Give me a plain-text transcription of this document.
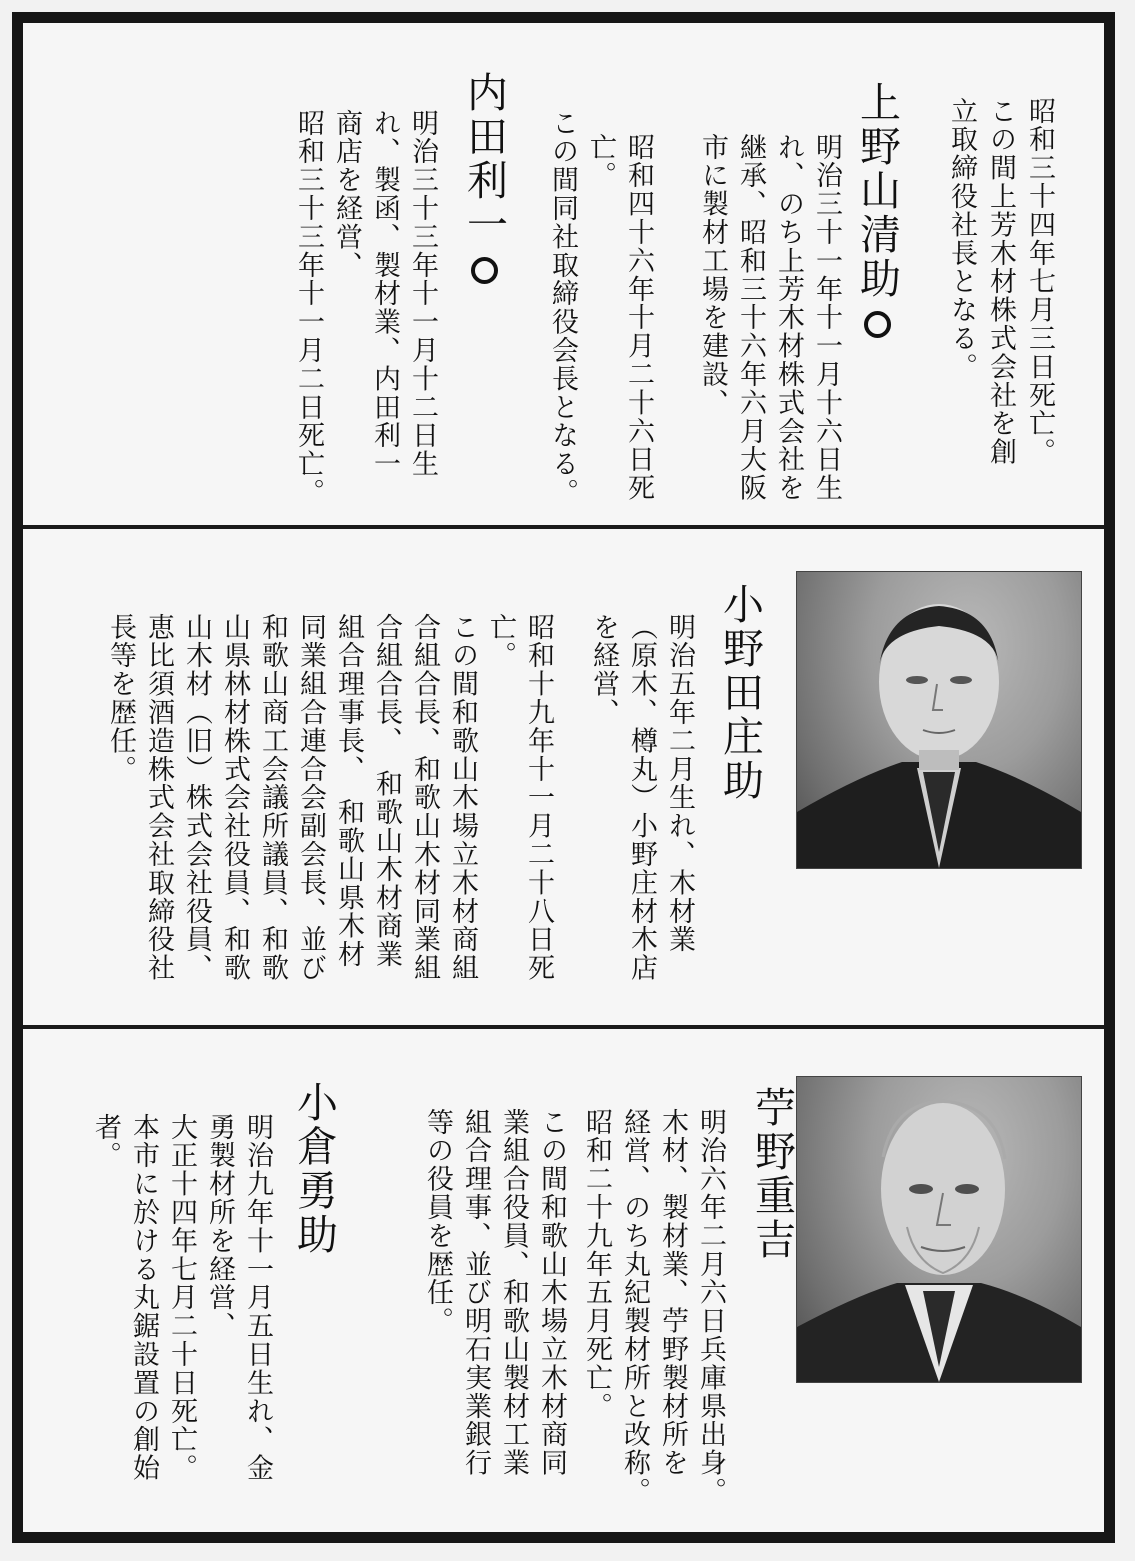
昭和三十四年七月三日死亡。
この間上芳木材株式会社を創
立取締役社長となる。
上野山清助
明治三十一年十一月十六日生
れ、のち上芳木材株式会社を
継承、昭和三十六年六月大阪
市に製材工場を建設、
昭和四十六年十月二十六日死
亡。
この間同社取締役会長となる。
内田利一
明治三十三年十一月十二日生
れ、製函、製材業、内田利一
商店を経営、
昭和三十三年十一月二日死亡。
小野田庄助
明治五年二月生れ、木材業
（原木、樽丸）小野庄材木店
を経営、
昭和十九年十一月二十八日死
亡。
この間和歌山木場立木材商組
合組合長、和歌山木材同業組
合組合長、　和歌山木材商業
組合理事長、　和歌山県木材
同業組合連合会副会長、並び
和歌山商工会議所議員、和歌
山県林材株式会社役員、和歌
山木材（旧）株式会社役員、
恵比須酒造株式会社取締役社
長等を歴任。
苧野重吉
明治六年二月六日兵庫県出身。
木材、製材業、苧野製材所を
経営、のち丸紀製材所と改称。
昭和二十九年五月死亡。
この間和歌山木場立木材商同
業組合役員、和歌山製材工業
組合理事、並び明石実業銀行
等の役員を歴任。
小倉勇助
明治九年十一月五日生れ、金
勇製材所を経営、
大正十四年七月二十日死亡。
本市に於ける丸鋸設置の創始
者。
